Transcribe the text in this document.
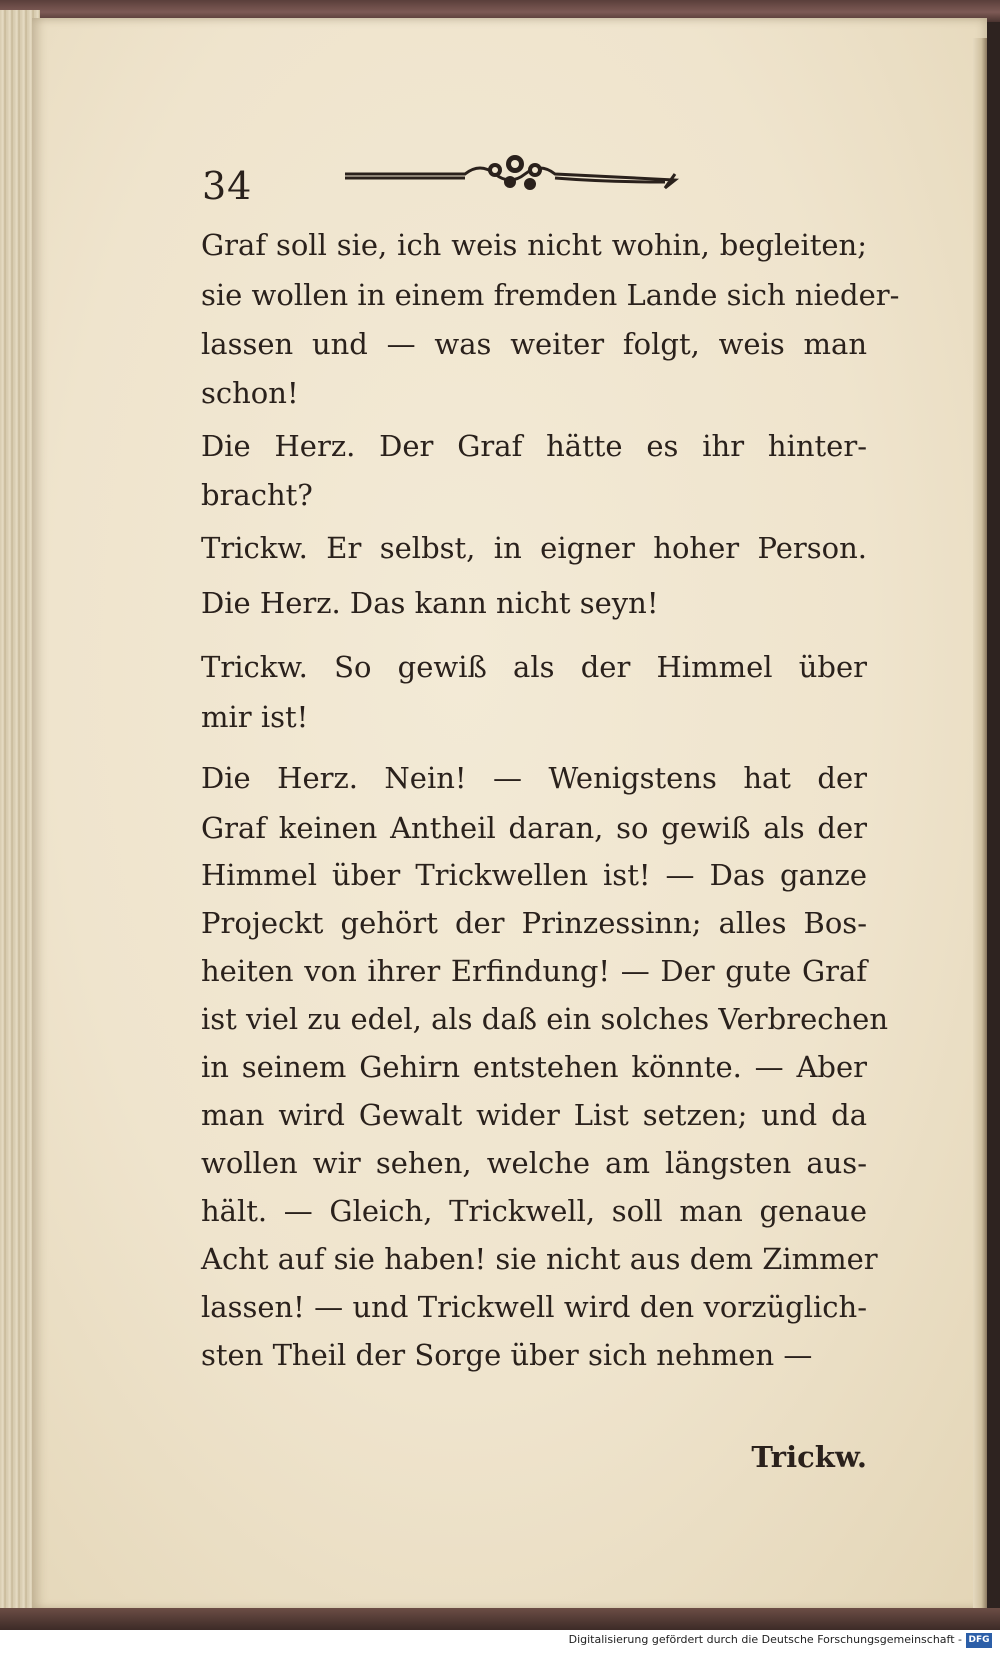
34
Graf soll sie, ich weis nicht wohin, begleiten;
sie wollen in einem fremden Lande sich nieder-
lassen und — was weiter folgt, weis man
schon!
Die Herz. Der Graf hätte es ihr hinter-
bracht?
Trickw. Er selbst, in eigner hoher Person.
Die Herz. Das kann nicht seyn!
Trickw. So gewiß als der Himmel über
mir ist!
Die Herz. Nein! — Wenigstens hat der
Graf keinen Antheil daran, so gewiß als der
Himmel über Trickwellen ist! — Das ganze
Projeckt gehört der Prinzessinn; alles Bos-
heiten von ihrer Erfindung! — Der gute Graf
ist viel zu edel, als daß ein solches Verbrechen
in seinem Gehirn entstehen könnte. — Aber
man wird Gewalt wider List setzen; und da
wollen wir sehen, welche am längsten aus-
hält. — Gleich, Trickwell, soll man genaue
Acht auf sie haben! sie nicht aus dem Zimmer
lassen! — und Trickwell wird den vorzüglich-
sten Theil der Sorge über sich nehmen —
Trickw.
Digitalisierung gefördert durch die Deutsche Forschungsgemeinschaft - DFG
